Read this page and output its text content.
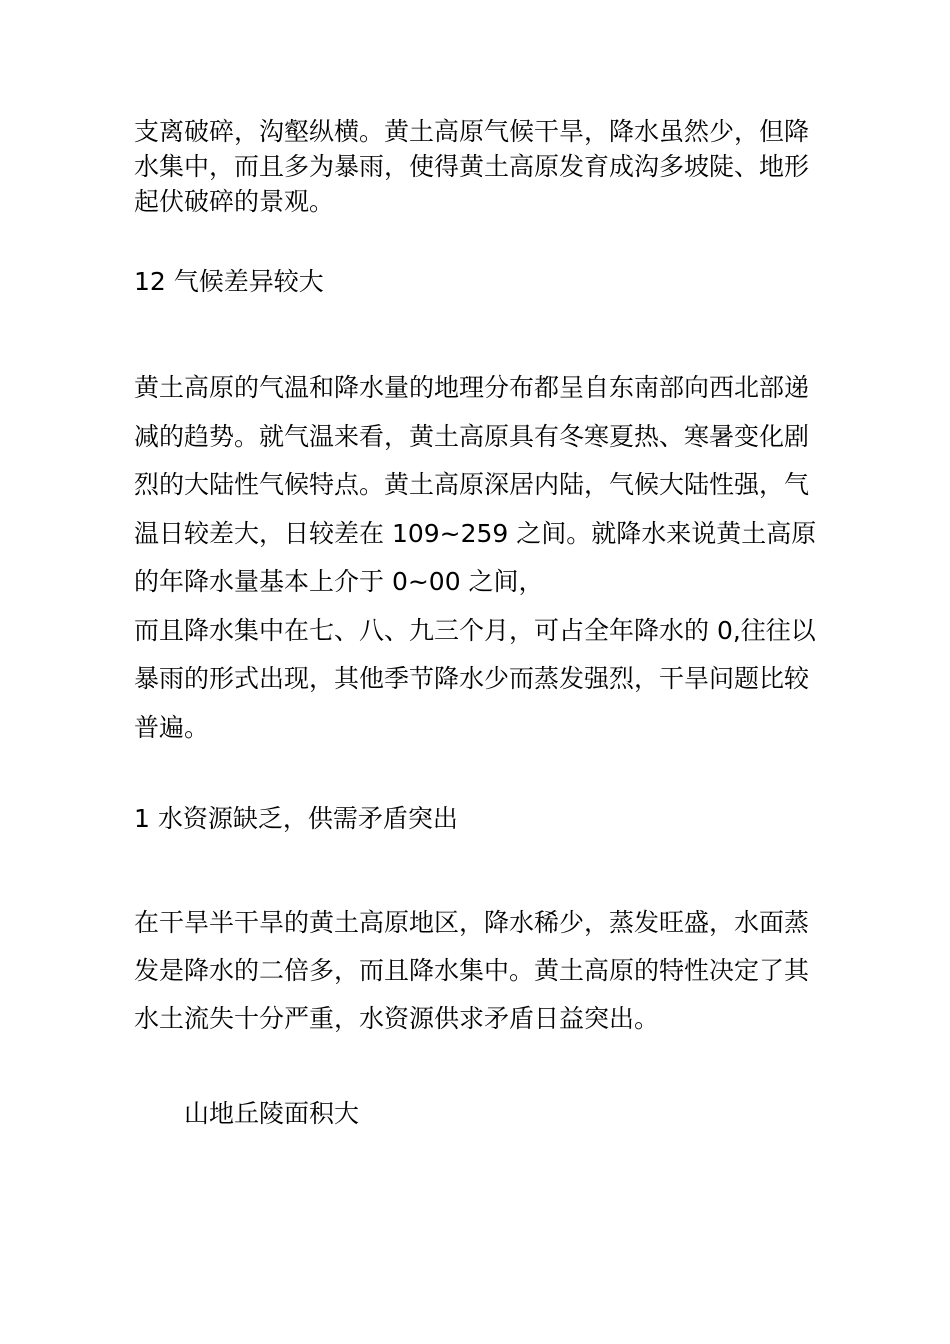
支离破碎，沟壑纵横。黄土高原气候干旱，降水虽然少，但降
水集中，而且多为暴雨，使得黄土高原发育成沟多坡陡、地形
起伏破碎的景观。
12 气候差异较大
黄土高原的气温和降水量的地理分布都呈自东南部向西北部递
减的趋势。就气温来看，黄土高原具有冬寒夏热、寒暑变化剧
烈的大陆性气候特点。黄土高原深居内陆，气候大陆性强，气
温日较差大，日较差在 109~259 之间。就降水来说黄土高原
的年降水量基本上介于 0~00 之间，
而且降水集中在七、八、九三个月，可占全年降水的 0,往往以
暴雨的形式出现，其他季节降水少而蒸发强烈，干旱问题比较
普遍。
1 水资源缺乏，供需矛盾突出
在干旱半干旱的黄土高原地区，降水稀少，蒸发旺盛，水面蒸
发是降水的二倍多，而且降水集中。黄土高原的特性决定了其
水土流失十分严重，水资源供求矛盾日益突出。
山地丘陵面积大
